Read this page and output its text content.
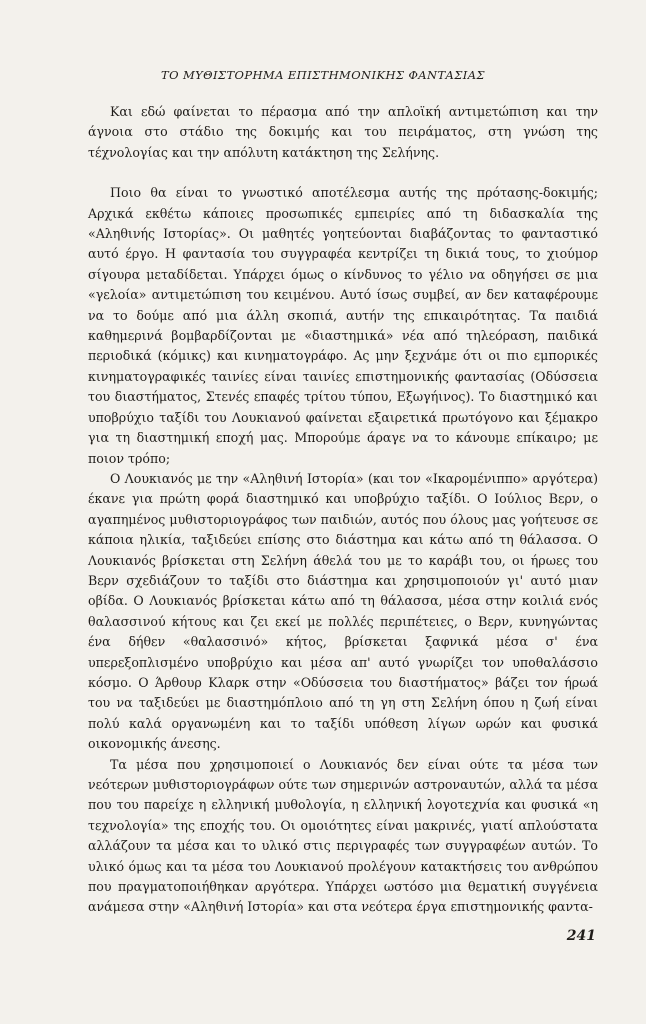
ΤΟ ΜΥΘΙΣΤΟΡΗΜΑ ΕΠΙΣΤΗΜΟΝΙΚΗΣ ΦΑΝΤΑΣΙΑΣ

Και εδώ φαίνεται το πέρασμα από την απλοϊκή αντιμετώπιση και την άγνοια στο στάδιο της δοκιμής και του πειράματος, στη γνώση της τέχνολογίας και την απόλυτη κατάκτηση της Σελήνης.

Ποιο θα είναι το γνωστικό αποτέλεσμα αυτής της πρότασης-δοκιμής; Αρχικά εκθέτω κάποιες προσωπικές εμπειρίες από τη διδασκαλία της «Αληθινής Ιστορίας». Οι μαθητές γοητεύονται διαβάζοντας το φανταστικό αυτό έργο. Η φαντασία του συγγραφέα κεντρίζει τη δικιά τους, το χιούμορ σίγουρα μεταδίδεται. Υπάρχει όμως ο κίνδυνος το γέλιο να οδηγήσει σε μια «γελοία» αντιμετώπιση του κειμένου. Αυτό ίσως συμβεί, αν δεν καταφέρουμε να το δούμε από μια άλλη σκοπιά, αυτήν της επικαιρότητας. Τα παιδιά καθημερινά βομβαρδίζονται με «διαστημικά» νέα από τηλεόραση, παιδικά περιοδικά (κόμικς) και κινηματογράφο. Ας μην ξεχνάμε ότι οι πιο εμπορικές κινηματογραφικές ταινίες είναι ταινίες επιστημονικής φαντασίας (Οδύσσεια του διαστήματος, Στενές επαφές τρίτου τύπου, Εξωγήινος). Το διαστημικό και υποβρύχιο ταξίδι του Λουκιανού φαίνεται εξαιρετικά πρωτόγονο και ξέμακρο για τη διαστημική εποχή μας. Μπορούμε άραγε να το κάνουμε επίκαιρο; με ποιον τρόπο;

Ο Λουκιανός με την «Αληθινή Ιστορία» (και τον «Ικαρομένιππο» αργότερα) έκανε για πρώτη φορά διαστημικό και υποβρύχιο ταξίδι. Ο Ιούλιος Βερν, ο αγαπημένος μυθιστοριογράφος των παιδιών, αυτός που όλους μας γοήτευσε σε κάποια ηλικία, ταξιδεύει επίσης στο διάστημα και κάτω από τη θάλασσα. Ο Λουκιανός βρίσκεται στη Σελήνη άθελά του με το καράβι του, οι ήρωες του Βερν σχεδιάζουν το ταξίδι στο διάστημα και χρησιμοποιούν γι' αυτό μιαν οβίδα. Ο Λουκιανός βρίσκεται κάτω από τη θάλασσα, μέσα στην κοιλιά ενός θαλασσινού κήτους και ζει εκεί με πολλές περιπέτειες, ο Βερν, κυνηγώντας ένα δήθεν «θαλασσινό» κήτος, βρίσκεται ξαφνικά μέσα σ' ένα υπερεξοπλισμένο υποβρύχιο και μέσα απ' αυτό γνωρίζει τον υποθαλάσσιο κόσμο. Ο Άρθουρ Κλαρκ στην «Οδύσσεια του διαστήματος» βάζει τον ήρωά του να ταξιδεύει με διαστημόπλοιο από τη γη στη Σελήνη όπου η ζωή είναι πολύ καλά οργανωμένη και το ταξίδι υπόθεση λίγων ωρών και φυσικά οικονομικής άνεσης.

Τα μέσα που χρησιμοποιεί ο Λουκιανός δεν είναι ούτε τα μέσα των νεότερων μυθιστοριογράφων ούτε των σημερινών αστροναυτών, αλλά τα μέσα που του παρείχε η ελληνική μυθολογία, η ελληνική λογοτεχνία και φυσικά «η τεχνολογία» της εποχής του. Οι ομοιότητες είναι μακρινές, γιατί απλούστατα αλλάζουν τα μέσα και το υλικό στις περιγραφές των συγγραφέων αυτών. Το υλικό όμως και τα μέσα του Λουκιανού προλέγουν κατακτήσεις του ανθρώπου που πραγματοποιήθηκαν αργότερα. Υπάρχει ωστόσο μια θεματική συγγένεια ανάμεσα στην «Αληθινή Ιστορία» και στα νεότερα έργα επιστημονικής φαντα-

241
